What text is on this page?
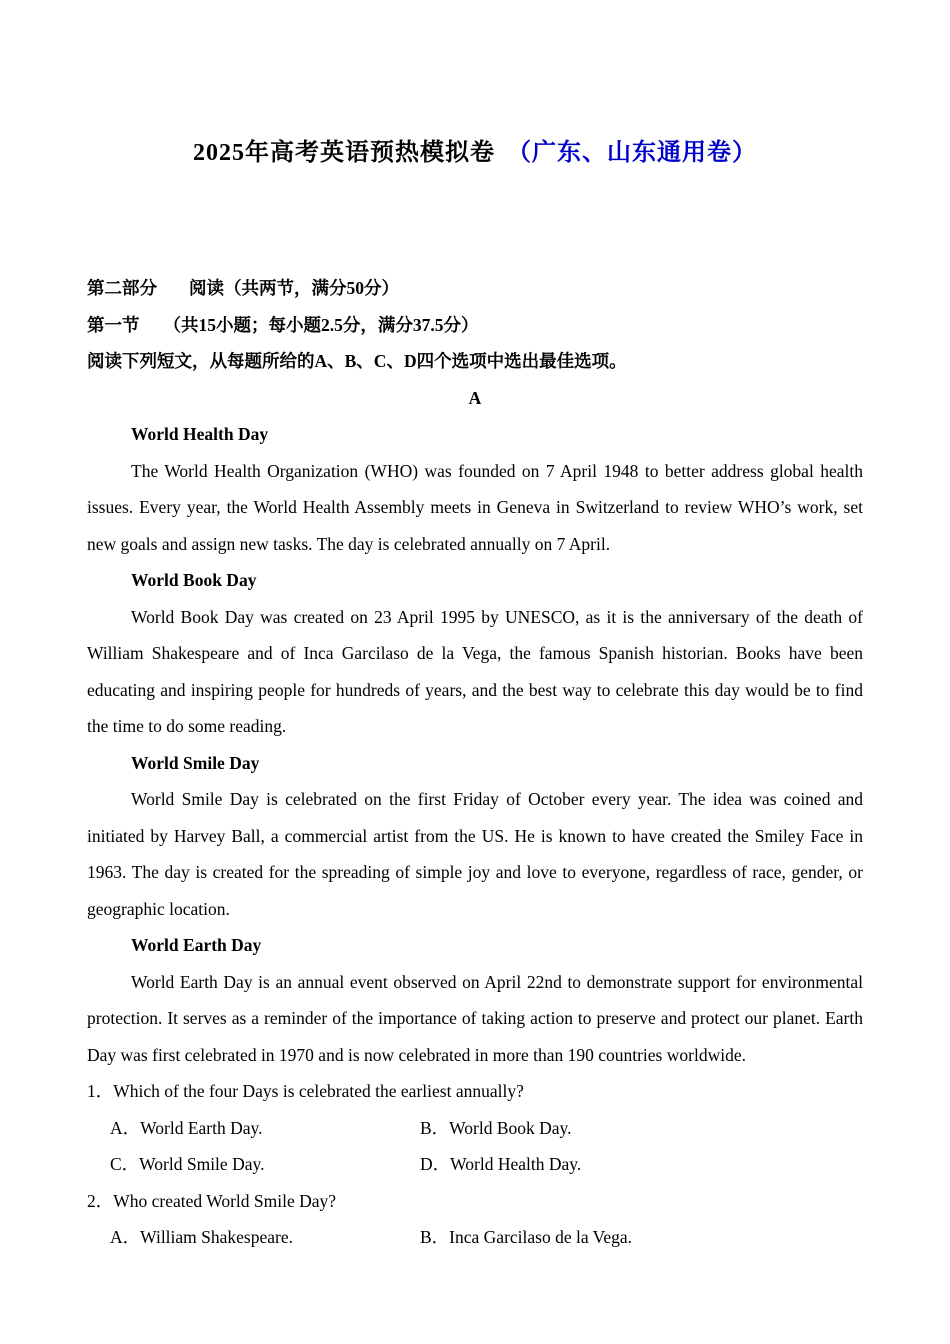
2025年高考英语预热模拟卷 （广东、山东通用卷）

第二部分 阅读（共两节，满分50分）

第一节 （共15小题；每小题2.5分，满分37.5分）

阅读下列短文，从每题所给的A、B、C、D四个选项中选出最佳选项。

A

World Health Day

The World Health Organization (WHO) was founded on 7 April 1948 to better address global health issues. Every year, the World Health Assembly meets in Geneva in Switzerland to review WHO’s work, set new goals and assign new tasks. The day is celebrated annually on 7 April.

World Book Day

World Book Day was created on 23 April 1995 by UNESCO, as it is the anniversary of the death of William Shakespeare and of Inca Garcilaso de la Vega, the famous Spanish historian. Books have been educating and inspiring people for hundreds of years, and the best way to celebrate this day would be to find the time to do some reading.

World Smile Day

World Smile Day is celebrated on the first Friday of October every year. The idea was coined and initiated by Harvey Ball, a commercial artist from the US. He is known to have created the Smiley Face in 1963. The day is created for the spreading of simple joy and love to everyone, regardless of race, gender, or geographic location.

World Earth Day

World Earth Day is an annual event observed on April 22nd to demonstrate support for environmental protection. It serves as a reminder of the importance of taking action to preserve and protect our planet. Earth Day was first celebrated in 1970 and is now celebrated in more than 190 countries worldwide.

1．Which of the four Days is celebrated the earliest annually?

A．World Earth Day.	B．World Book Day.
C．World Smile Day.	D．World Health Day.

2．Who created World Smile Day?

A．William Shakespeare.	B．Inca Garcilaso de la Vega.
